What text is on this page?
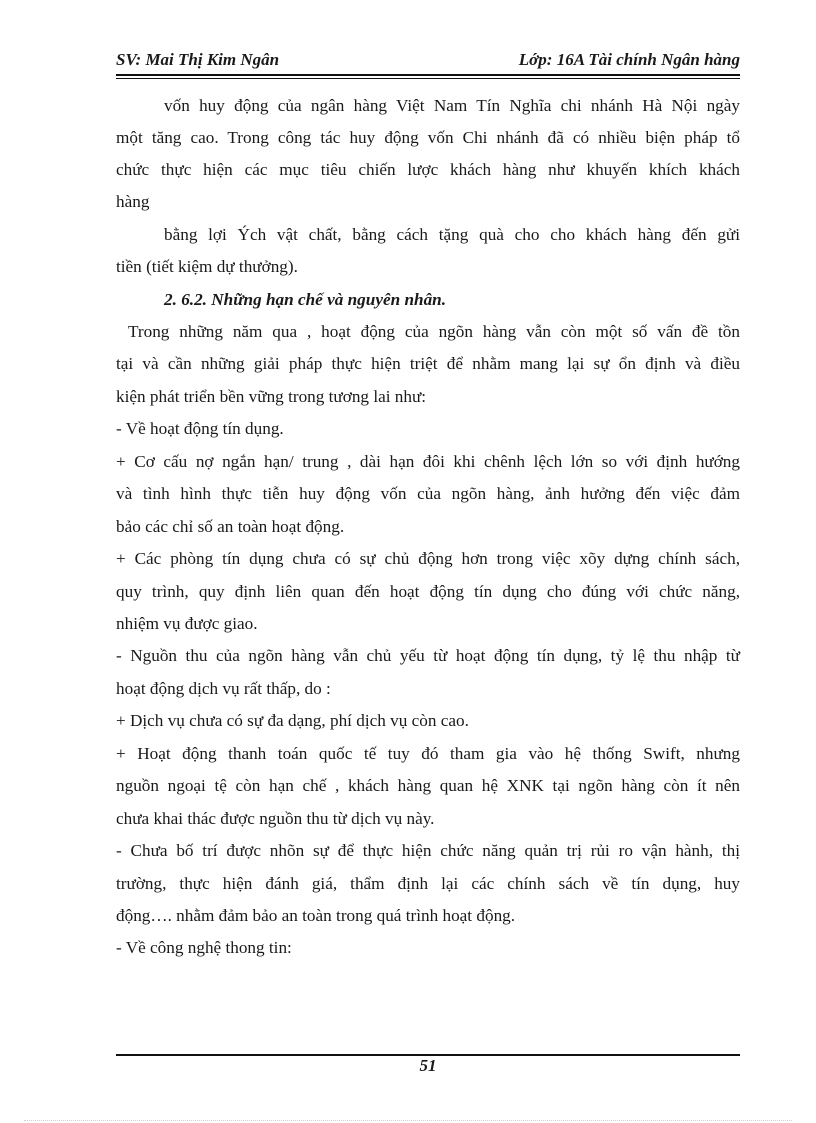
SV: Mai Thị Kim Ngân	Lớp: 16A Tài chính Ngân hàng
vốn huy động của ngân hàng Việt Nam Tín Nghĩa chi nhánh Hà Nội ngày
một tăng cao. Trong công tác huy động vốn Chi nhánh đã có nhiều biện pháp tổ
chức thực hiện các mục tiêu chiến lược khách hàng như khuyến khích khách
hàng
bằng lợi Ých vật chất, bằng cách tặng quà cho cho khách hàng đến gửi
tiền (tiết kiệm dự thưởng).
2. 6.2. Những hạn chế và nguyên nhân.
Trong những năm qua , hoạt động của ngõn hàng vẫn còn một số vấn đề tồn
tại và cần những giải pháp thực hiện triệt để nhằm mang lại sự ổn định và điều
kiện phát triển bền vững trong tương lai như:
- Về hoạt động tín dụng.
+ Cơ cấu nợ ngắn hạn/ trung , dài hạn đôi khi chênh lệch lớn so với định hướng
và tình hình thực tiễn huy động vốn của ngõn hàng, ảnh hưởng đến việc đảm
bảo các chỉ số an toàn hoạt động.
+ Các phòng tín dụng chưa có sự chủ động hơn trong việc xõy dựng chính sách,
quy trình, quy định liên quan đến hoạt động tín dụng cho đúng với chức năng,
nhiệm vụ được giao.
- Nguồn thu của ngõn hàng vẫn chủ yếu từ hoạt động tín dụng, tỷ lệ thu nhập từ
hoạt động dịch vụ rất thấp, do :
+ Dịch vụ chưa có sự đa dạng, phí dịch vụ còn cao.
+ Hoạt động thanh toán quốc tế tuy đó tham gia vào hệ thống Swift, nhưng
nguồn ngoại tệ còn hạn chế , khách hàng quan hệ XNK tại ngõn hàng còn ít nên
chưa khai thác được nguồn thu từ dịch vụ này.
- Chưa bố trí được nhõn sự để thực hiện chức năng quản trị rủi ro vận hành, thị
trường, thực hiện đánh giá, thẩm định lại các chính sách về tín dụng, huy
động…. nhằm đảm bảo an toàn trong quá trình hoạt động.
- Về công nghệ thong tin:
51
